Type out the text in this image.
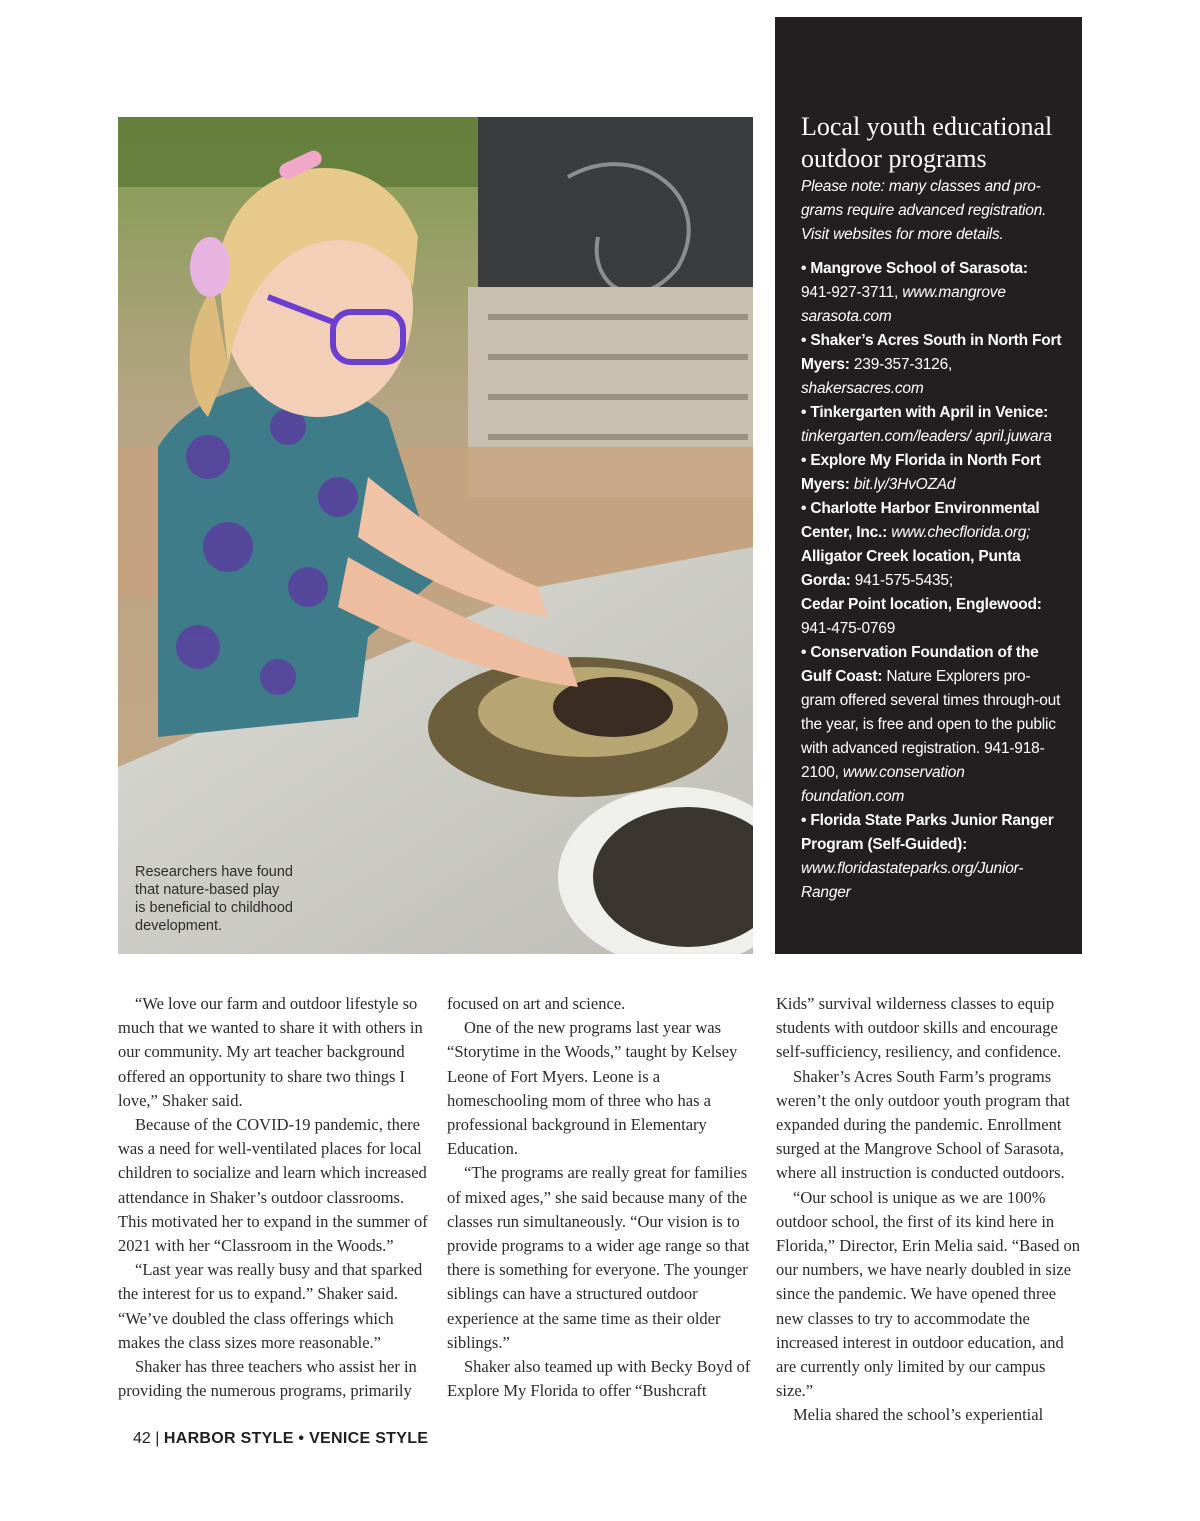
Researchers have found
that nature-based play
is beneficial to childhood
development.
Local youth educational
outdoor programs

Please note: many classes and pro-grams require advanced registration. Visit websites for more details.

• Mangrove School of Sarasota: 941-927-3711, www.mangrove sarasota.com
• Shaker’s Acres South in North Fort Myers: 239-357-3126, shakersacres.com
• Tinkergarten with April in Venice: tinkergarten.com/leaders/ april.juwara
• Explore My Florida in North Fort Myers: bit.ly/3HvOZAd
• Charlotte Harbor Environmental Center, Inc.: www.checflorida.org;
Alligator Creek location, Punta Gorda: 941-575-5435;
Cedar Point location, Englewood: 941-475-0769
• Conservation Foundation of the Gulf Coast: Nature Explorers pro-gram offered several times through-out the year, is free and open to the public with advanced registration. 941-918-2100, www.conservation foundation.com
• Florida State Parks Junior Ranger Program (Self-Guided): www.floridastateparks.org/Junior-Ranger

“We love our farm and outdoor lifestyle so much that we wanted to share it with others in our community. My art teacher background offered an opportunity to share two things I love,” Shaker said.

Because of the COVID-19 pandemic, there was a need for well-ventilated places for local children to socialize and learn which increased attendance in Shaker’s outdoor classrooms. This motivated her to expand in the summer of 2021 with her “Classroom in the Woods.”

“Last year was really busy and that sparked the interest for us to expand.” Shaker said. “We’ve doubled the class offerings which makes the class sizes more reasonable.”

Shaker has three teachers who assist her in providing the numerous programs, primarily

focused on art and science.

One of the new programs last year was “Storytime in the Woods,” taught by Kelsey Leone of Fort Myers. Leone is a homeschooling mom of three who has a professional background in Elementary Education.

“The programs are really great for families of mixed ages,” she said because many of the classes run simultaneously. “Our vision is to provide programs to a wider age range so that there is something for everyone. The younger siblings can have a structured outdoor experience at the same time as their older siblings.”

Shaker also teamed up with Becky Boyd of Explore My Florida to offer “Bushcraft

Kids” survival wilderness classes to equip students with outdoor skills and encourage self-sufficiency, resiliency, and confidence.

Shaker’s Acres South Farm’s programs weren’t the only outdoor youth program that expanded during the pandemic. Enrollment surged at the Mangrove School of Sarasota, where all instruction is conducted outdoors.

“Our school is unique as we are 100% outdoor school, the first of its kind here in Florida,” Director, Erin Melia said. “Based on our numbers, we have nearly doubled in size since the pandemic. We have opened three new classes to try to accommodate the increased interest in outdoor education, and are currently only limited by our campus size.”

Melia shared the school’s experiential

42 | HARBOR STYLE • VENICE STYLE
